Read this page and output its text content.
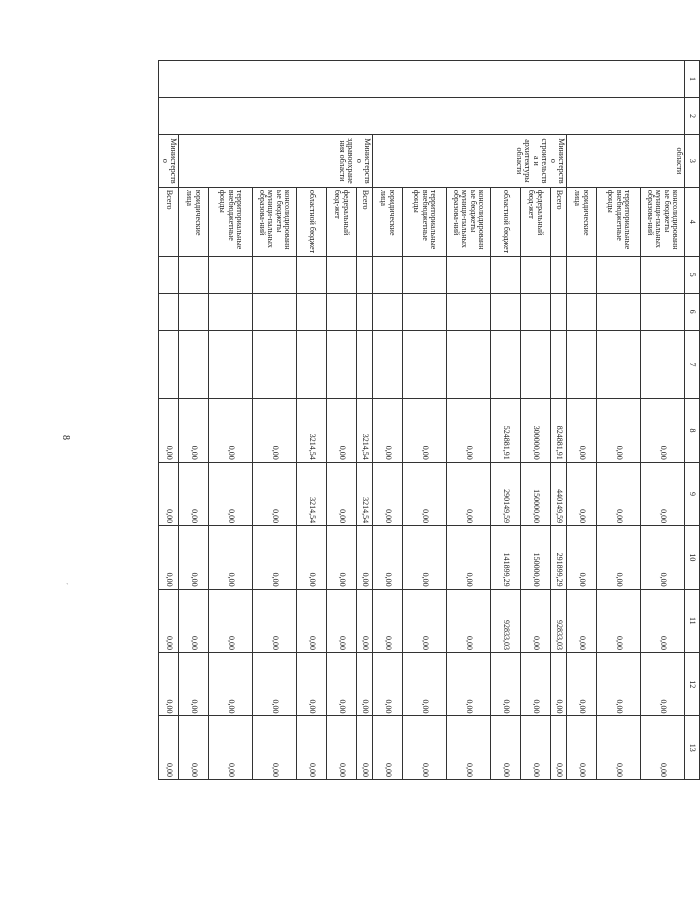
8
`
1	2	3	4	5	6	7	8	9	10	11	12	13
		области	консолидированные бюджеты муници-пальных образова-ний				0,00	0,00	0,00	0,00	0,00	0,00
			территориальные внебюджетные фонды				0,00	0,00	0,00	0,00	0,00	0,00
			юридические лица				0,00	0,00	0,00	0,00	0,00	0,00
		Министерство строительства и архитектуры области	Всего				824881,91	440149,59	291899,29	92833,03	0,00	0,00
			федеральный бюд-жет				300000,00	150000,00	150000,00	0,00	0,00	0,00
			областной бюджет				524881,91	290149,59	141899,29	92833,03	0,00	0,00
			консолидированные бюджеты муници-пальных образова-ний				0,00	0,00	0,00	0,00	0,00	0,00
			территориальные внебюджетные фонды				0,00	0,00	0,00	0,00	0,00	0,00
			юридические лица				0,00	0,00	0,00	0,00	0,00	0,00
		Министерство здравоохранения области	Всего				3214,54	3214,54	0,00	0,00	0,00	0,00
			федеральный бюд-жет				0,00	0,00	0,00	0,00	0,00	0,00
			областной бюджет				3214,54	3214,54	0,00	0,00	0,00	0,00
			консолидированные бюджеты муници-пальных образова-ний				0,00	0,00	0,00	0,00	0,00	0,00
			территориальные внебюджетные фонды				0,00	0,00	0,00	0,00	0,00	0,00
			юридические лица				0,00	0,00	0,00	0,00	0,00	0,00
		Министерство	Всего				0,00	0,00	0,00	0,00	0,00	0,00
